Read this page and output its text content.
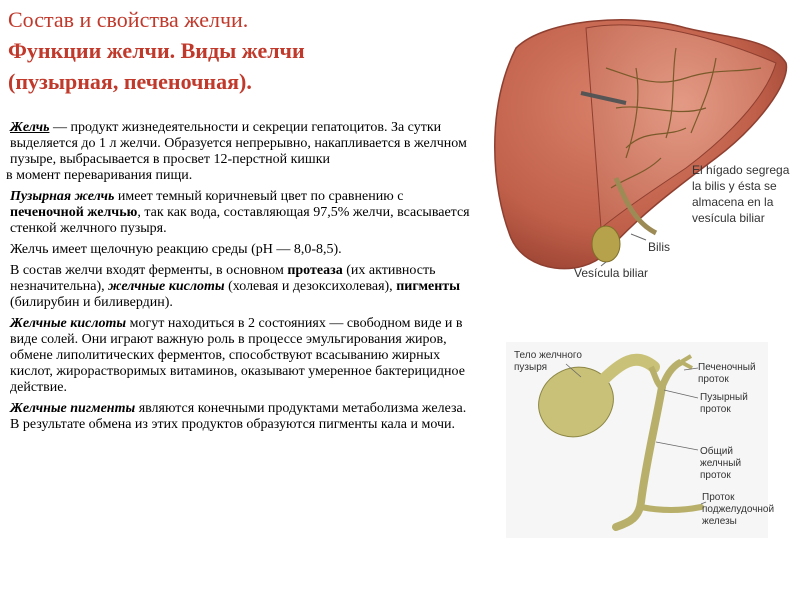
Состав и свойства желчи.
Функции желчи. Виды желчи
(пузырная, печеночная).

Желчь — продукт жизнедеятельности и секреции гепатоцитов. За сутки выделяется до 1 л желчи. Образуется непрерывно, накапливается в желчном пузыре, выбрасывается в просвет 12-перстной кишки
в момент переваривания пищи.

Пузырная желчь имеет темный коричневый цвет по сравнению с печеночной желчью, так как вода, составляющая 97,5% желчи, всасывается стенкой желчного пузыря.

Желчь имеет щелочную реакцию среды (рН — 8,0-8,5).

В состав желчи входят ферменты, в основном протеаза (их активность незначительна), желчные кислоты (холевая и дезоксихолевая), пигменты (билирубин и биливердин).

Желчные кислоты могут находиться в 2 состояниях — свободном виде и в виде солей. Они играют важную роль в процессе эмульгирования жиров, обмене липолитических ферментов, способствуют всасыванию жирных кислот, жирорастворимых витаминов, оказывают умеренное бактерицидное действие.

Желчные пигменты являются конечными продуктами метаболизма железа. В результате обмена из этих продуктов образуются пигменты кала и мочи.

El hígado segrega
la bilis y ésta se
almacena en la
vesícula biliar
Bilis
Vesícula biliar
Тело желчного
пузыря	Печеночный
проток
Пузырный
проток
Общий желчный
проток
Проток
поджелудочной
железы
